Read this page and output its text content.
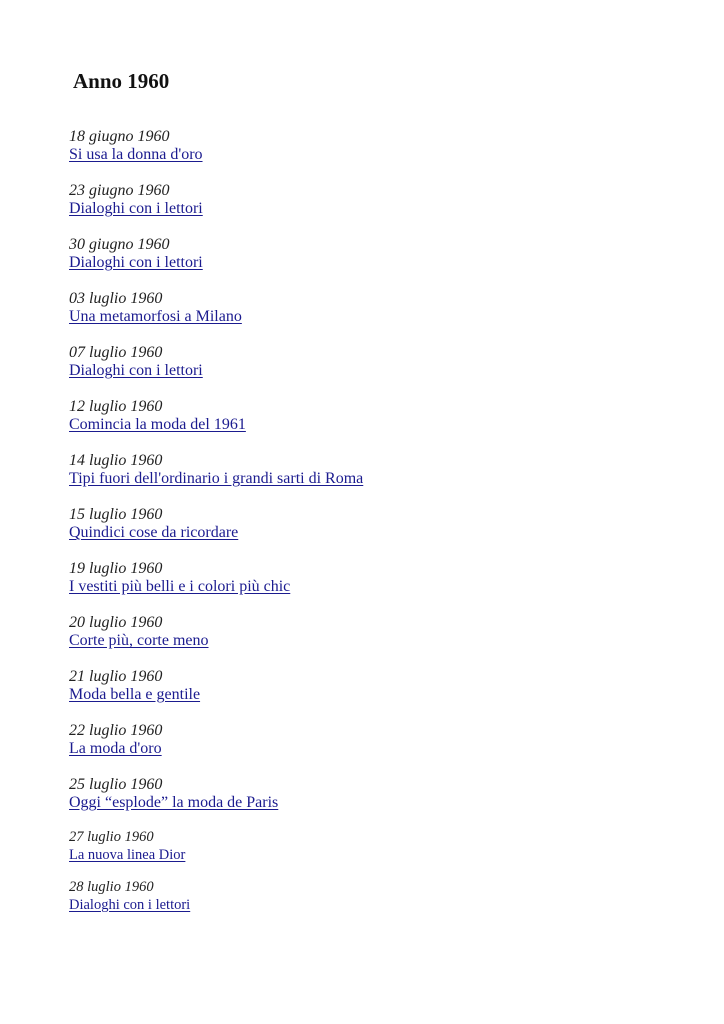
Anno 1960
18 giugno 1960
Si usa la donna d'oro
23 giugno 1960
Dialoghi con i lettori
30 giugno 1960
Dialoghi con i lettori
03 luglio 1960
Una metamorfosi a Milano
07 luglio 1960
Dialoghi con i lettori
12 luglio 1960
Comincia la moda del 1961
14 luglio 1960
Tipi fuori dell'ordinario i grandi sarti di Roma
15 luglio 1960
Quindici cose da ricordare
19 luglio 1960
I vestiti più belli e i colori più chic
20 luglio 1960
Corte più, corte meno
21 luglio 1960
Moda bella e gentile
22 luglio 1960
La moda d'oro
25 luglio 1960
Oggi “esplode” la moda de Paris
27 luglio 1960
La nuova linea Dior
28 luglio 1960
Dialoghi con i lettori
